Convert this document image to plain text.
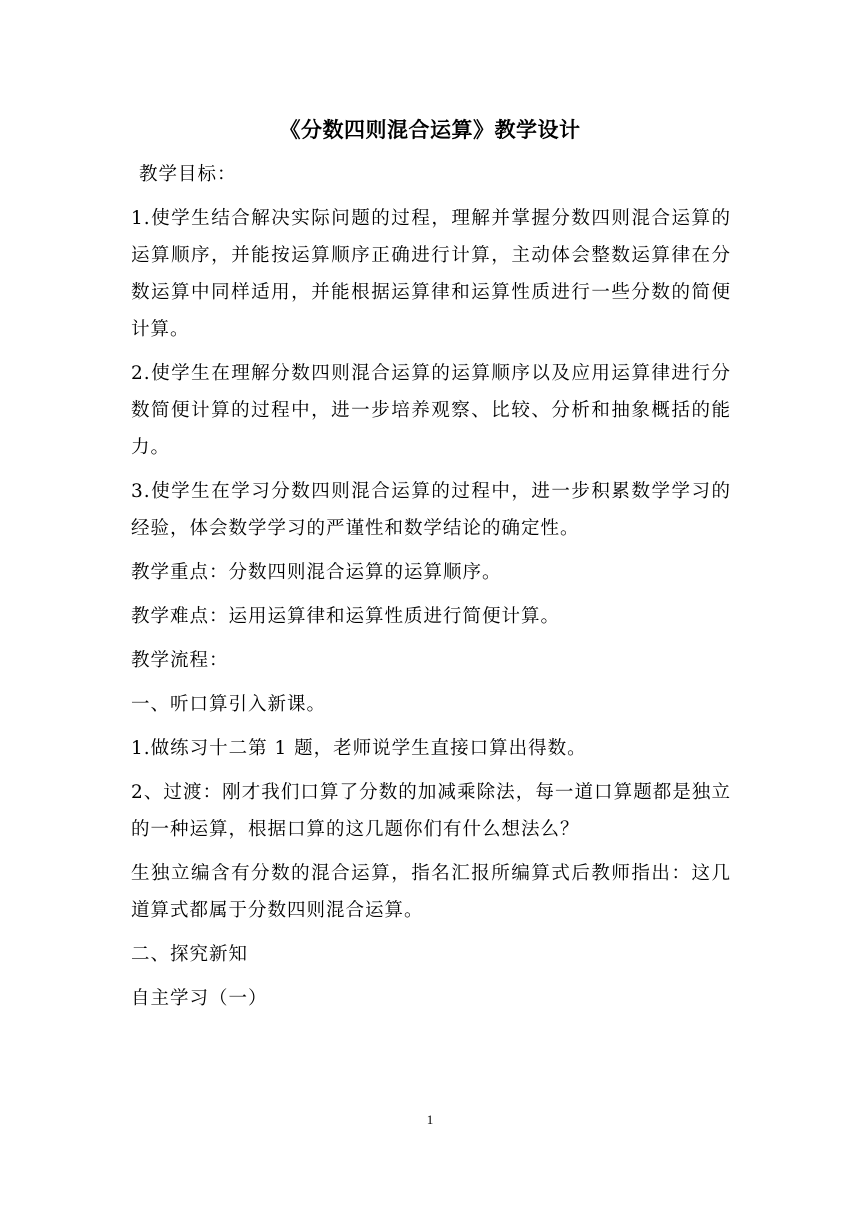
《分数四则混合运算》教学设计

教学目标：

1.使学生结合解决实际问题的过程，理解并掌握分数四则混合运算的运算顺序，并能按运算顺序正确进行计算，主动体会整数运算律在分数运算中同样适用，并能根据运算律和运算性质进行一些分数的简便计算。

2.使学生在理解分数四则混合运算的运算顺序以及应用运算律进行分数简便计算的过程中，进一步培养观察、比较、分析和抽象概括的能力。

3.使学生在学习分数四则混合运算的过程中，进一步积累数学学习的经验，体会数学学习的严谨性和数学结论的确定性。

教学重点：分数四则混合运算的运算顺序。

教学难点：运用运算律和运算性质进行简便计算。

教学流程：

一、听口算引入新课。

1.做练习十二第 1 题，老师说学生直接口算出得数。

2、过渡：刚才我们口算了分数的加减乘除法，每一道口算题都是独立的一种运算，根据口算的这几题你们有什么想法么？

生独立编含有分数的混合运算，指名汇报所编算式后教师指出：这几道算式都属于分数四则混合运算。

二、探究新知

自主学习（一）

1
